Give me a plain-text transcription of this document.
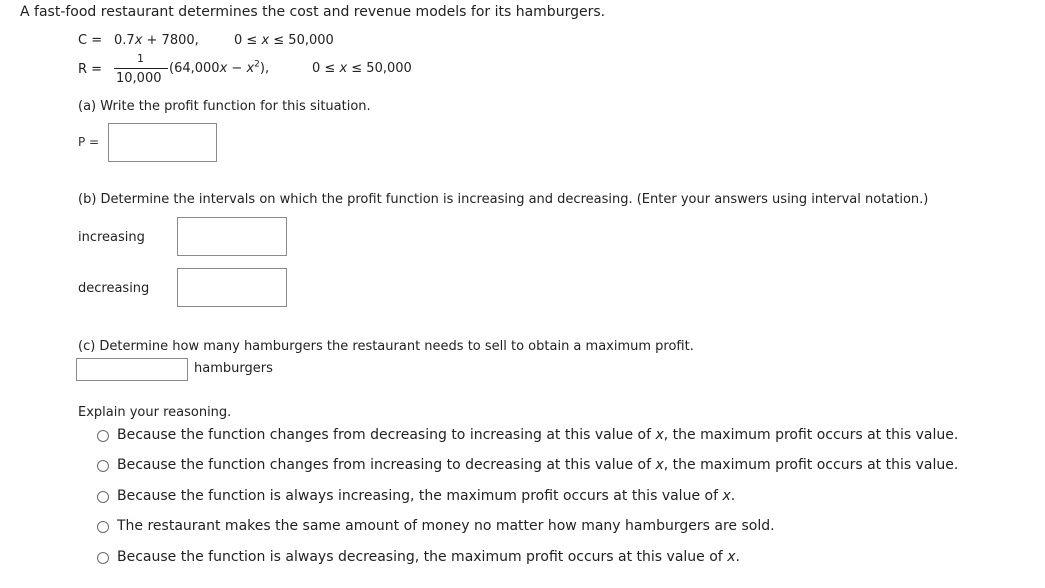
A fast-food restaurant determines the cost and revenue models for its hamburgers.
C = 0.7x + 7800,	0 ≤ x ≤ 50,000
R =
1
10,000
$(64,000x - x^2)$,	0 ≤ x ≤ 50,000
(a) Write the profit function for this situation.
P =
(b) Determine the intervals on which the profit function is increasing and decreasing. (Enter your answers using interval notation.)
increasing
decreasing
(c) Determine how many hamburgers the restaurant needs to sell to obtain a maximum profit.
hamburgers
Explain your reasoning.
Because the function changes from decreasing to increasing at this value of x, the maximum profit occurs at this value.
Because the function changes from increasing to decreasing at this value of x, the maximum profit occurs at this value.
Because the function is always increasing, the maximum profit occurs at this value of x.
The restaurant makes the same amount of money no matter how many hamburgers are sold.
Because the function is always decreasing, the maximum profit occurs at this value of x.
